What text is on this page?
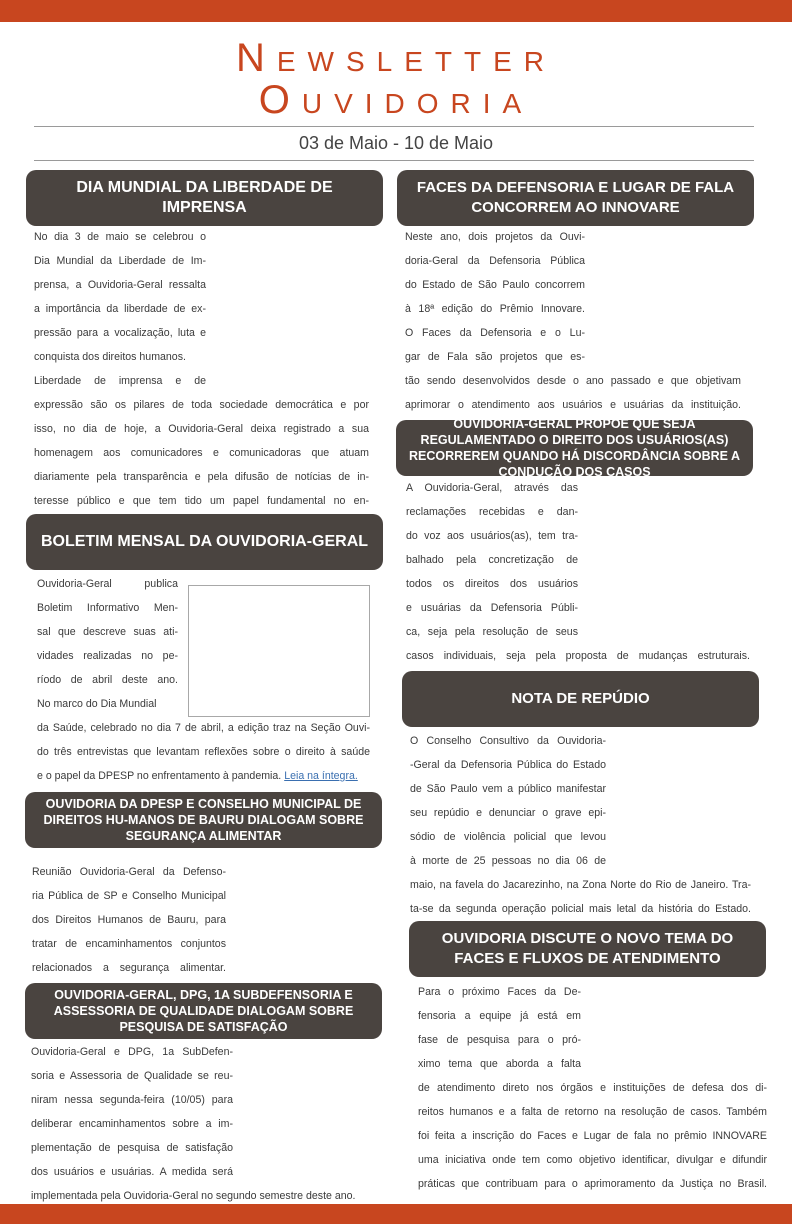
Newsletter
Ouvidoria
03 de Maio - 10 de Maio
DIA MUNDIAL DA LIBERDADE DE IMPRENSA
No dia 3 de maio se celebrou o
Dia Mundial da Liberdade de Im-
prensa, a Ouvidoria-Geral ressalta
a importância da liberdade de ex-
pressão para a vocalização, luta e
conquista dos direitos humanos.
Liberdade de imprensa e de
expressão são os pilares de toda sociedade democrática e por
isso, no dia de hoje, a Ouvidoria-Geral deixa registrado a sua
homenagem aos comunicadores e comunicadoras que atuam
diariamente pela transparência e pela difusão de notícias de in-
teresse público e que tem tido um papel fundamental no en-
BOLETIM MENSAL DA OUVIDORIA-GERAL
Ouvidoria-Geral publica
Boletim Informativo Men-
sal que descreve suas ati-
vidades realizadas no pe-
ríodo de abril deste ano.
No marco do Dia Mundial
da Saúde, celebrado no dia 7 de abril, a edição traz na Seção Ouvi-
do três entrevistas que levantam reflexões sobre o direito à saúde
e o papel da DPESP no enfrentamento à pandemia. Leia na íntegra.
OUVIDORIA DA DPESP E CONSELHO MUNICIPAL DE DIREITOS HU-MANOS DE BAURU DIALOGAM SOBRE SEGURANÇA ALIMENTAR
Reunião Ouvidoria-Geral da Defenso-
ria Pública de SP e Conselho Municipal
dos Direitos Humanos de Bauru, para
tratar de encaminhamentos conjuntos
relacionados a segurança alimentar.
OUVIDORIA-GERAL, DPG, 1A SUBDEFENSORIA E ASSESSORIA DE QUALIDADE DIALOGAM SOBRE PESQUISA DE SATISFAÇÃO
Ouvidoria-Geral e DPG, 1a SubDefen-
soria e Assessoria de Qualidade se reu-
niram nessa segunda-feira (10/05) para
deliberar encaminhamentos sobre a im-
plementação de pesquisa de satisfação
dos usuários e usuárias. A medida será
implementada pela Ouvidoria-Geral no segundo semestre deste ano.
FACES DA DEFENSORIA E LUGAR DE FALA CONCORREM AO INNOVARE
Neste ano, dois projetos da Ouvi-
doria-Geral da Defensoria Pública
do Estado de São Paulo concorrem
à 18ª edição do Prêmio Innovare.
O Faces da Defensoria e o Lu-
gar de Fala são projetos que es-
tão sendo desenvolvidos desde o ano passado e que objetivam
aprimorar o atendimento aos usuários e usuárias da instituição.
OUVIDORIA-GERAL PROPÕE QUE SEJA REGULAMENTADO O DIREITO DOS USUÁRIOS(AS) RECORREREM QUANDO HÁ DISCORDÂNCIA SOBRE A CONDUÇÃO DOS CASOS
A Ouvidoria-Geral, através das
reclamações recebidas e dan-
do voz aos usuários(as), tem tra-
balhado pela concretização de
todos os direitos dos usuários
e usuárias da Defensoria Públi-
ca, seja pela resolução de seus
casos individuais, seja pela proposta de mudanças estruturais.
NOTA DE REPÚDIO
O Conselho Consultivo da Ouvidoria-
-Geral da Defensoria Pública do Estado
de São Paulo vem a público manifestar
seu repúdio e denunciar o grave epi-
sódio de violência policial que levou
à morte de 25 pessoas no dia 06 de
maio, na favela do Jacarezinho, na Zona Norte do Rio de Janeiro. Tra-
ta-se da segunda operação policial mais letal da história do Estado.
OUVIDORIA DISCUTE O NOVO TEMA DO FACES E FLUXOS DE ATENDIMENTO
Para o próximo Faces da De-
fensoria a equipe já está em
fase de pesquisa para o pró-
ximo tema que aborda a falta
de atendimento direto nos órgãos e instituições de defesa dos di-
reitos humanos e a falta de retorno na resolução de casos. Também
foi feita a inscrição do Faces e Lugar de fala no prêmio INNOVARE
uma iniciativa onde tem como objetivo identificar, divulgar e difundir
práticas que contribuam para o aprimoramento da Justiça no Brasil.
